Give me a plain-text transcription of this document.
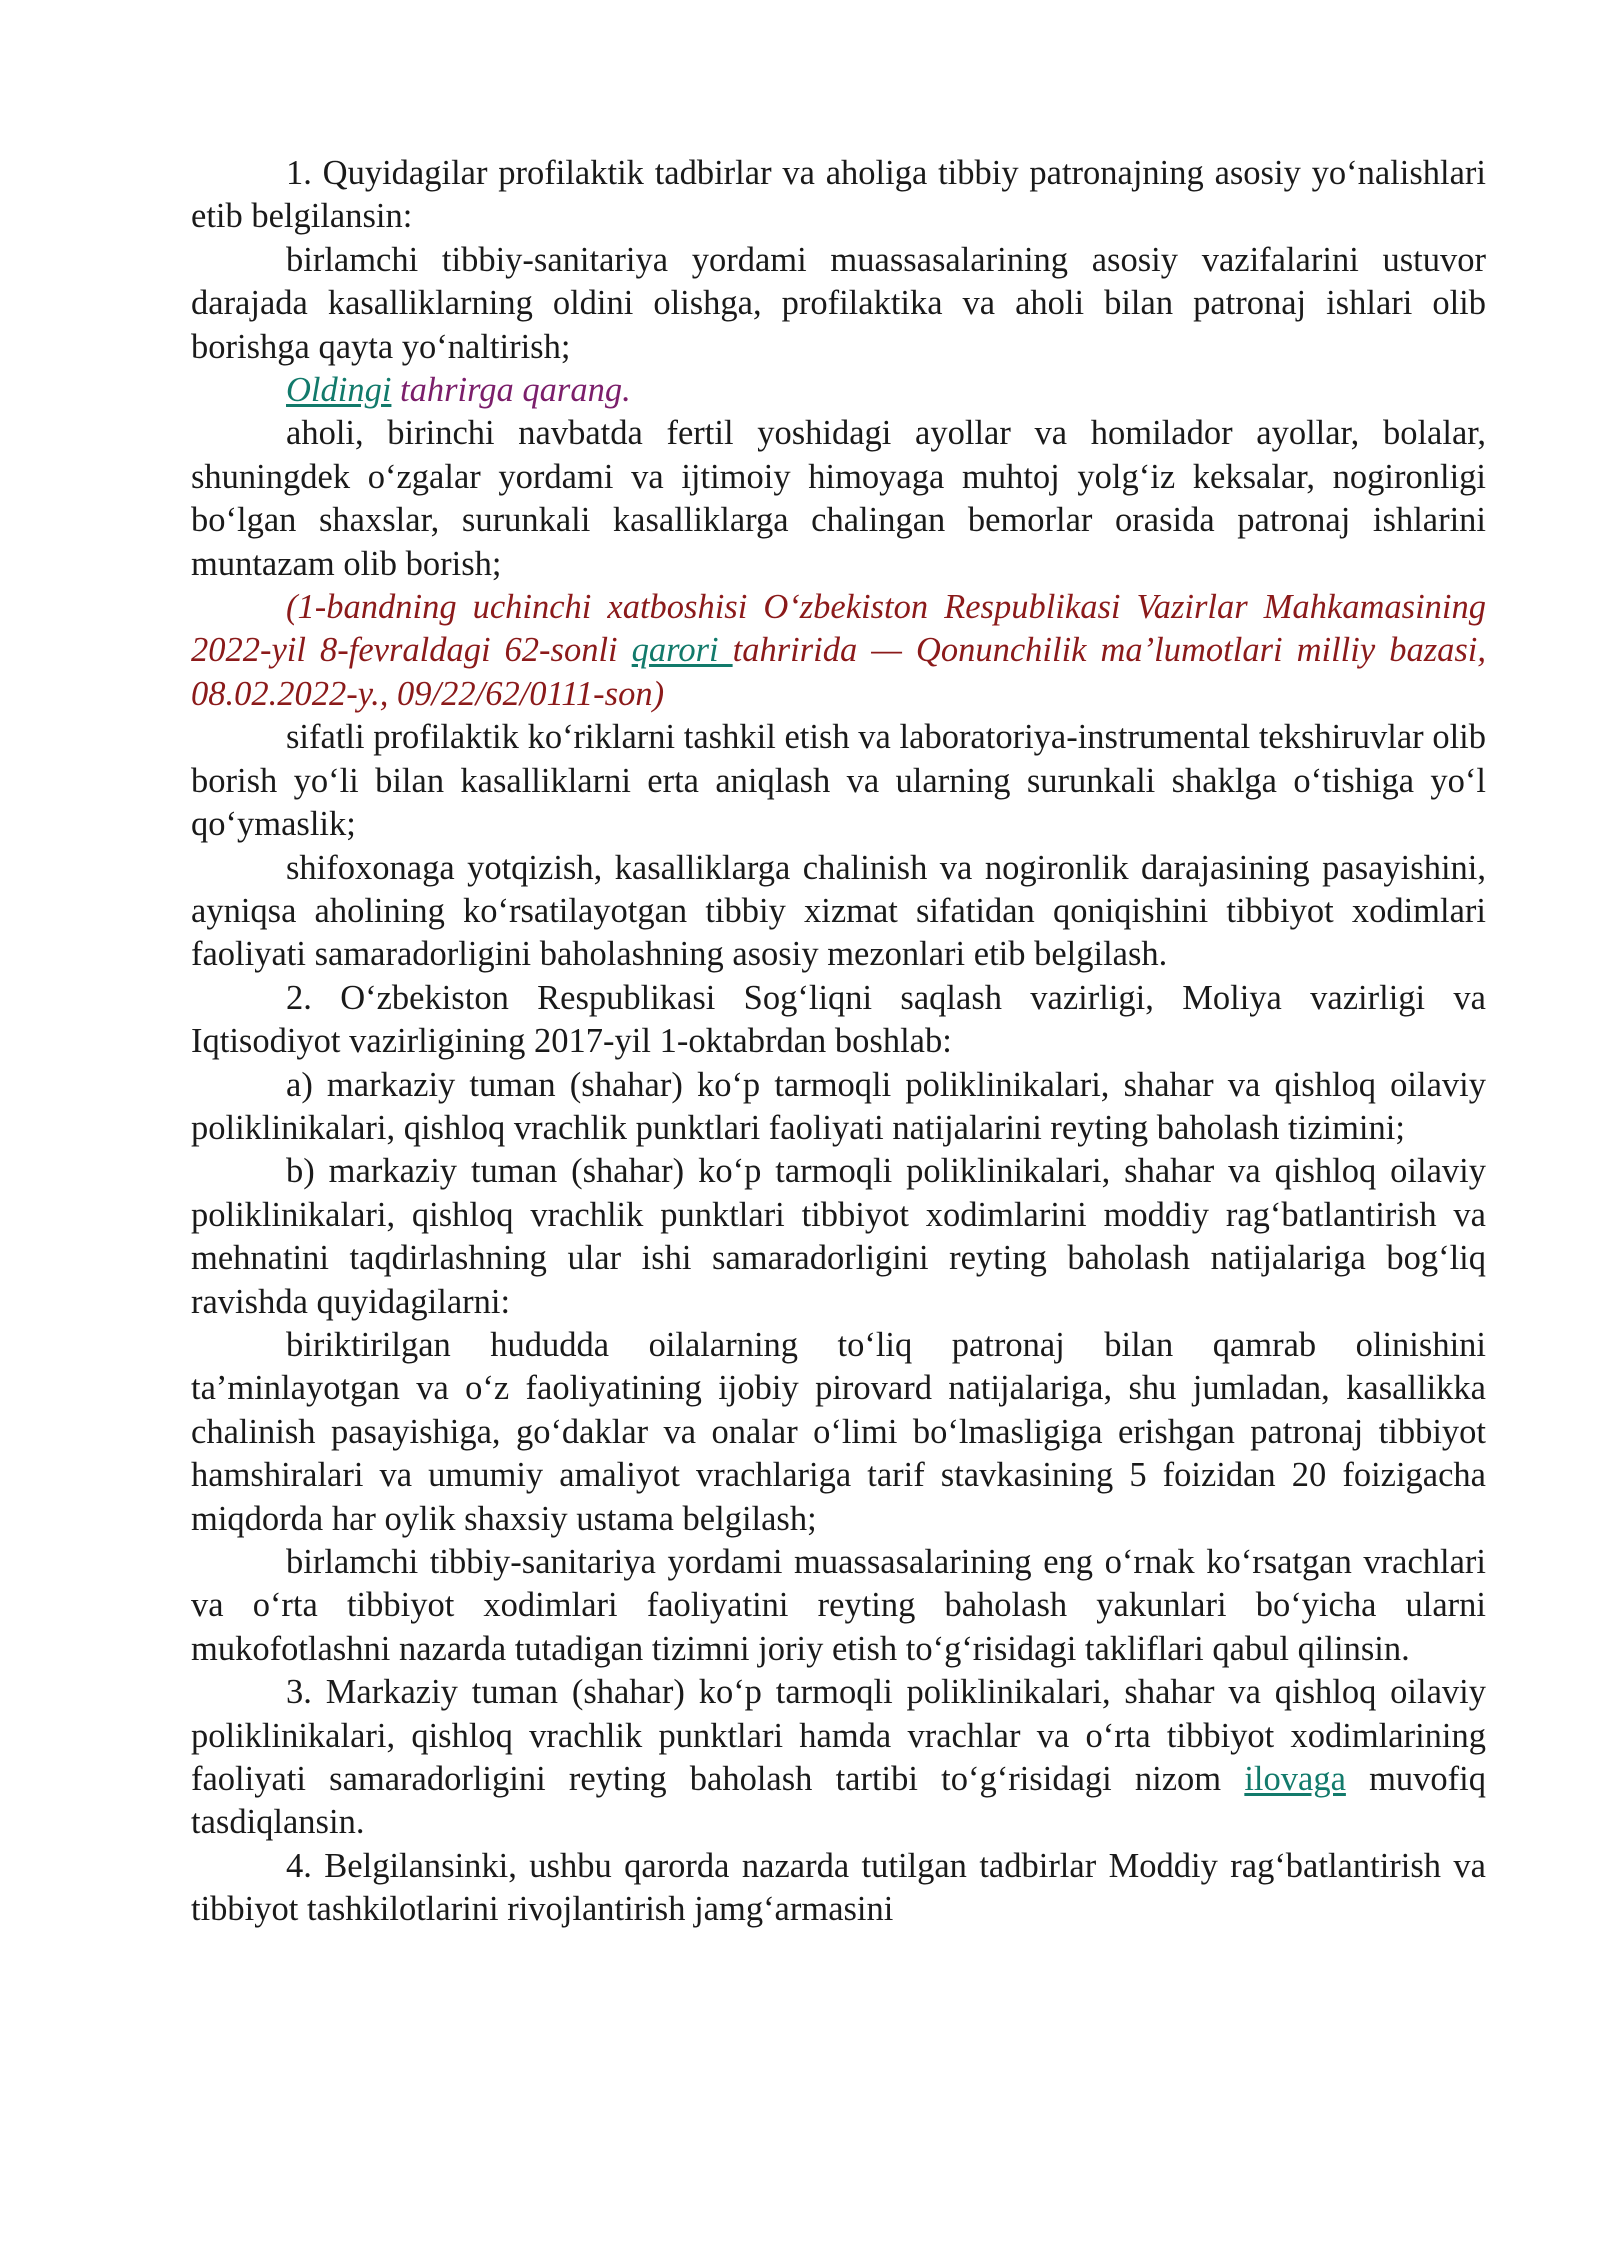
1. Quyidagilar profilaktik tadbirlar va aholiga tibbiy patronajning asosiy yo‘nalishlari etib belgilansin:

birlamchi tibbiy-sanitariya yordami muassasalarining asosiy vazifalarini ustuvor darajada kasalliklarning oldini olishga, profilaktika va aholi bilan patronaj ishlari olib borishga qayta yo‘naltirish;

Oldingi tahrirga qarang.

aholi, birinchi navbatda fertil yoshidagi ayollar va homilador ayollar, bolalar, shuningdek o‘zgalar yordami va ijtimoiy himoyaga muhtoj yolg‘iz keksalar, nogironligi bo‘lgan shaxslar, surunkali kasalliklarga chalingan bemorlar orasida patronaj ishlarini muntazam olib borish;

(1-bandning uchinchi xatboshisi O‘zbekiston Respublikasi Vazirlar Mahkamasining 2022-yil 8-fevraldagi 62-sonli qarori tahririda — Qonunchilik ma’lumotlari milliy bazasi, 08.02.2022-y., 09/22/62/0111-son)

sifatli profilaktik ko‘riklarni tashkil etish va laboratoriya-instrumental tekshiruvlar olib borish yo‘li bilan kasalliklarni erta aniqlash va ularning surunkali shaklga o‘tishiga yo‘l qo‘ymaslik;

shifoxonaga yotqizish, kasalliklarga chalinish va nogironlik darajasining pasayishini, ayniqsa aholining ko‘rsatilayotgan tibbiy xizmat sifatidan qoniqishini tibbiyot xodimlari faoliyati samaradorligini baholashning asosiy mezonlari etib belgilash.

2. O‘zbekiston Respublikasi Sog‘liqni saqlash vazirligi, Moliya vazirligi va Iqtisodiyot vazirligining 2017-yil 1-oktabrdan boshlab:

a) markaziy tuman (shahar) ko‘p tarmoqli poliklinikalari, shahar va qishloq oilaviy poliklinikalari, qishloq vrachlik punktlari faoliyati natijalarini reyting baholash tizimini;

b) markaziy tuman (shahar) ko‘p tarmoqli poliklinikalari, shahar va qishloq oilaviy poliklinikalari, qishloq vrachlik punktlari tibbiyot xodimlarini moddiy rag‘batlantirish va mehnatini taqdirlashning ular ishi samaradorligini reyting baholash natijalariga bog‘liq ravishda quyidagilarni:

biriktirilgan hududda oilalarning to‘liq patronaj bilan qamrab olinishini ta’minlayotgan va o‘z faoliyatining ijobiy pirovard natijalariga, shu jumladan, kasallikka chalinish pasayishiga, go‘daklar va onalar o‘limi bo‘lmasligiga erishgan patronaj tibbiyot hamshiralari va umumiy amaliyot vrachlariga tarif stavkasining 5 foizidan 20 foizigacha miqdorda har oylik shaxsiy ustama belgilash;

birlamchi tibbiy-sanitariya yordami muassasalarining eng o‘rnak ko‘rsatgan vrachlari va o‘rta tibbiyot xodimlari faoliyatini reyting baholash yakunlari bo‘yicha ularni mukofotlashni nazarda tutadigan tizimni joriy etish to‘g‘risidagi takliflari qabul qilinsin.

3. Markaziy tuman (shahar) ko‘p tarmoqli poliklinikalari, shahar va qishloq oilaviy poliklinikalari, qishloq vrachlik punktlari hamda vrachlar va o‘rta tibbiyot xodimlarining faoliyati samaradorligini reyting baholash tartibi to‘g‘risidagi nizom ilovaga muvofiq tasdiqlansin.

4. Belgilansinki, ushbu qarorda nazarda tutilgan tadbirlar Moddiy rag‘batlantirish va tibbiyot tashkilotlarini rivojlantirish jamg‘armasini
